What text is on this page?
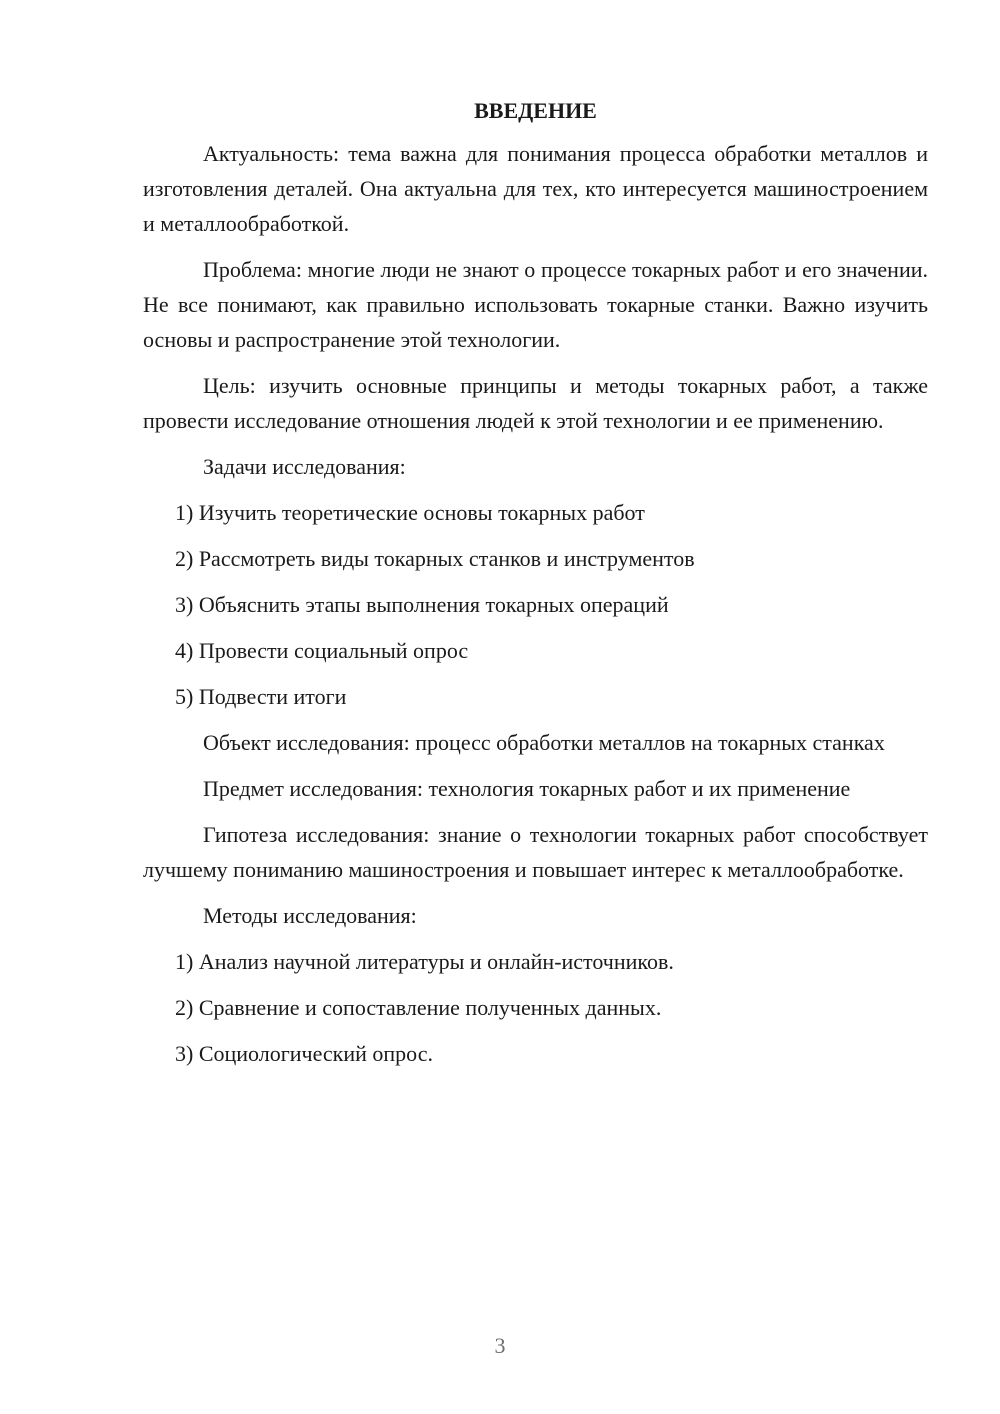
ВВЕДЕНИЕ

Актуальность: тема важна для понимания процесса обработки металлов и изготовления деталей. Она актуальна для тех, кто интересуется машиностроением и металлообработкой.

Проблема: многие люди не знают о процессе токарных работ и его значении. Не все понимают, как правильно использовать токарные станки. Важно изучить основы и распространение этой технологии.

Цель: изучить основные принципы и методы токарных работ, а также провести исследование отношения людей к этой технологии и ее применению.

Задачи исследования:

1) Изучить теоретические основы токарных работ
2) Рассмотреть виды токарных станков и инструментов
3) Объяснить этапы выполнения токарных операций
4) Провести социальный опрос
5) Подвести итоги

Объект исследования: процесс обработки металлов на токарных станках

Предмет исследования: технология токарных работ и их применение

Гипотеза исследования: знание о технологии токарных работ способствует лучшему пониманию машиностроения и повышает интерес к металлообработке.

Методы исследования:

1) Анализ научной литературы и онлайн-источников.
2) Сравнение и сопоставление полученных данных.
3) Социологический опрос.
3
